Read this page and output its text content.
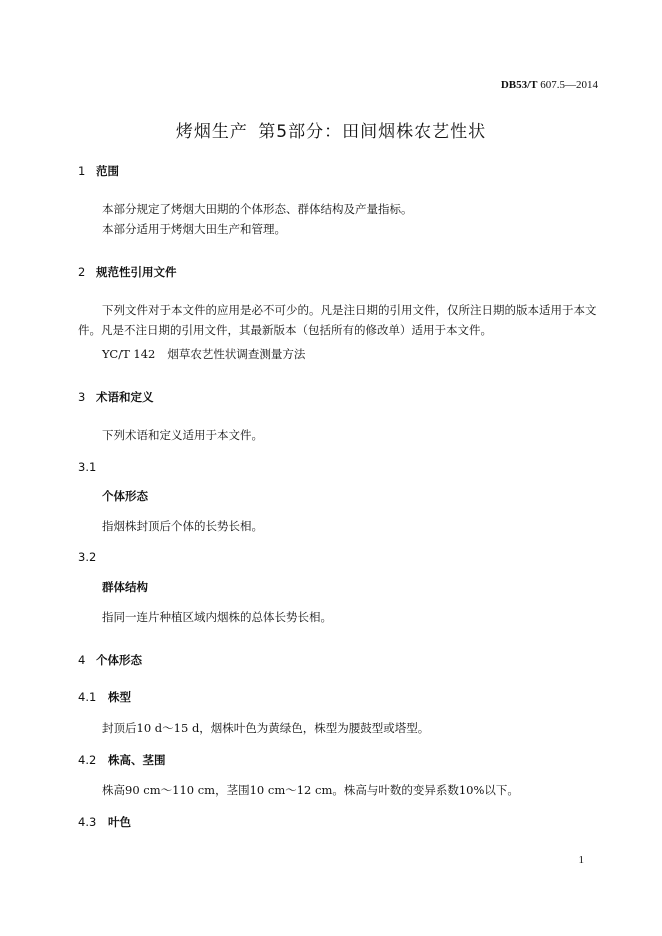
DB53/T 607.5—2014
烤烟生产 第5部分：田间烟株农艺性状
1 范围
本部分规定了烤烟大田期的个体形态、群体结构及产量指标。
本部分适用于烤烟大田生产和管理。
2 规范性引用文件
下列文件对于本文件的应用是必不可少的。凡是注日期的引用文件，仅所注日期的版本适用于本文件。凡是不注日期的引用文件，其最新版本（包括所有的修改单）适用于本文件。
YC/T 142 烟草农艺性状调查测量方法
3 术语和定义
下列术语和定义适用于本文件。
3.1
个体形态
指烟株封顶后个体的长势长相。
3.2
群体结构
指同一连片种植区域内烟株的总体长势长相。
4 个体形态
4.1 株型
封顶后10 d～15 d，烟株叶色为黄绿色，株型为腰鼓型或塔型。
4.2 株高、茎围
株高90 cm～110 cm，茎围10 cm～12 cm。株高与叶数的变异系数10%以下。
4.3 叶色
1
